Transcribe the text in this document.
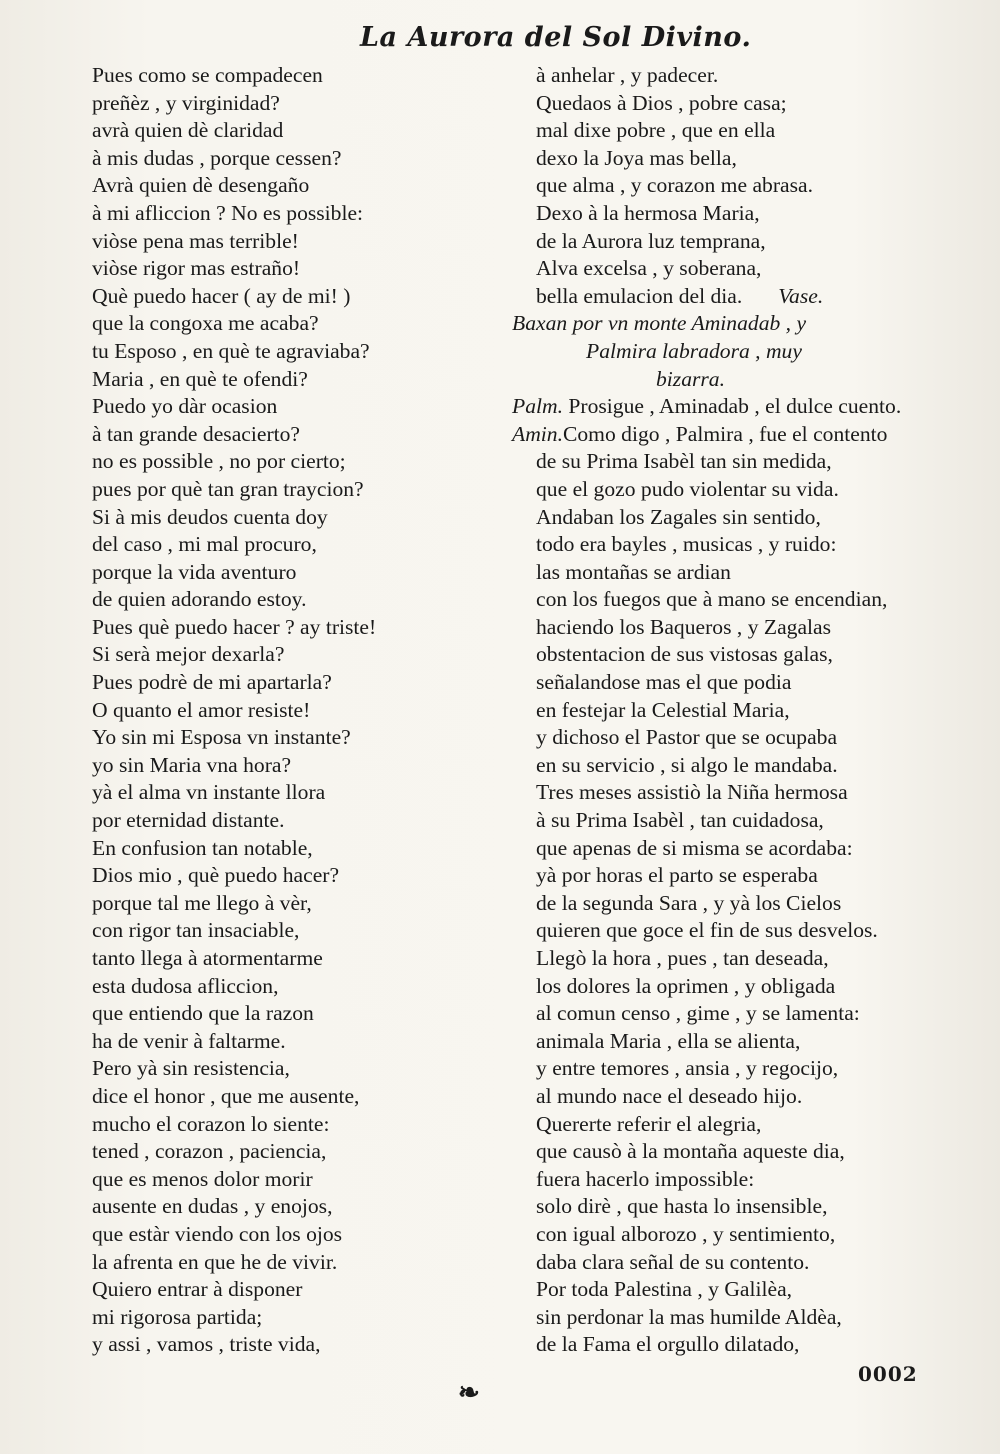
La Aurora del Sol Divino.
Pues como se compadecen
preñèz , y virginidad?
avrà quien dè claridad
à mis dudas , porque cessen?
Avrà quien dè desengaño
à mi afliccion ? No es possible:
viòse pena mas terrible!
viòse rigor mas estraño!
Què puedo hacer ( ay de mi! )
que la congoxa me acaba?
tu Esposo , en què te agraviaba?
Maria , en què te ofendi?
Puedo yo dàr ocasion
à tan grande desacierto?
no es possible , no por cierto;
pues por què tan gran traycion?
Si à mis deudos cuenta doy
del caso , mi mal procuro,
porque la vida aventuro
de quien adorando estoy.
Pues què puedo hacer ? ay triste!
Si serà mejor dexarla?
Pues podrè de mi apartarla?
O quanto el amor resiste!
Yo sin mi Esposa vn instante?
yo sin Maria vna hora?
yà el alma vn instante llora
por eternidad distante.
En confusion tan notable,
Dios mio , què puedo hacer?
porque tal me llego à vèr,
con rigor tan insaciable,
tanto llega à atormentarme
esta dudosa afliccion,
que entiendo que la razon
ha de venir à faltarme.
Pero yà sin resistencia,
dice el honor , que me ausente,
mucho el corazon lo siente:
tened , corazon , paciencia,
que es menos dolor morir
ausente en dudas , y enojos,
que estàr viendo con los ojos
la afrenta en que he de vivir.
Quiero entrar à disponer
mi rigorosa partida;
y assi , vamos , triste vida,
à anhelar , y padecer.
Quedaos à Dios , pobre casa;
mal dixe pobre , que en ella
dexo la Joya mas bella,
que alma , y corazon me abrasa.
Dexo à la hermosa Maria,
de la Aurora luz temprana,
Alva excelsa , y soberana,
bella emulacion del dia. Vase.
Baxan por vn monte Aminadab , y
Palmira labradora , muy
bizarra.
Palm. Prosigue , Aminadab , el dulce cuento.
Amin.Como digo , Palmira , fue el contento
de su Prima Isabèl tan sin medida,
que el gozo pudo violentar su vida.
Andaban los Zagales sin sentido,
todo era bayles , musicas , y ruido:
las montañas se ardian
con los fuegos que à mano se encendian,
haciendo los Baqueros , y Zagalas
obstentacion de sus vistosas galas,
señalandose mas el que podia
en festejar la Celestial Maria,
y dichoso el Pastor que se ocupaba
en su servicio , si algo le mandaba.
Tres meses assistiò la Niña hermosa
à su Prima Isabèl , tan cuidadosa,
que apenas de si misma se acordaba:
yà por horas el parto se esperaba
de la segunda Sara , y yà los Cielos
quieren que goce el fin de sus desvelos.
Llegò la hora , pues , tan deseada,
los dolores la oprimen , y obligada
al comun censo , gime , y se lamenta:
animala Maria , ella se alienta,
y entre temores , ansia , y regocijo,
al mundo nace el deseado hijo.
Quererte referir el alegria,
que causò à la montaña aqueste dia,
fuera hacerlo impossible:
solo dirè , que hasta lo insensible,
con igual alborozo , y sentimiento,
daba clara señal de su contento.
Por toda Palestina , y Galilèa,
sin perdonar la mas humilde Aldèa,
de la Fama el orgullo dilatado,
0002
❧
